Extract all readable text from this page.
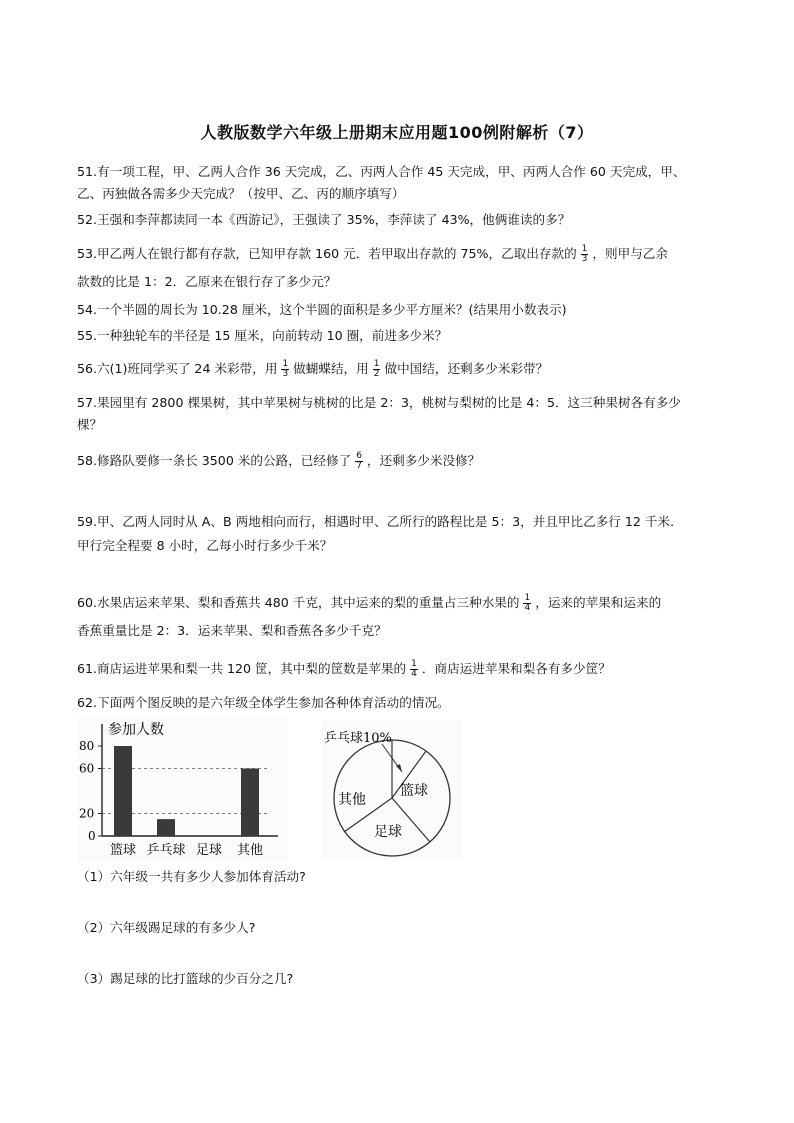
人教版数学六年级上册期末应用题100例附解析（7）
51.有一项工程，甲、乙两人合作 36 天完成，乙、丙两人合作 45 天完成，甲、丙两人合作 60 天完成，甲、
乙、丙独做各需多少天完成？（按甲、乙、丙的顺序填写）
52.王强和李萍都读同一本《西游记》，王强读了 35%，李萍读了 43%，他俩谁读的多？
53.甲乙两人在银行都有存款，已知甲存款 160 元．若甲取出存款的 75%，乙取出存款的 $\frac{1}{3}$ ，则甲与乙余
款数的比是 1：2．乙原来在银行存了多少元？
54.一个半圆的周长为 10.28 厘米，这个半圆的面积是多少平方厘米？(结果用小数表示)
55.一种独轮车的半径是 15 厘米，向前转动 10 圈，前进多少米？
56.六(1)班同学买了 24 米彩带，用 $\frac{1}{3}$ 做蝴蝶结，用 $\frac{1}{2}$ 做中国结，还剩多少米彩带？
57.果园里有 2800 棵果树，其中苹果树与桃树的比是 2：3，桃树与梨树的比是 4：5．这三种果树各有多少
棵？
58.修路队要修一条长 3500 米的公路，已经修了 $\frac{6}{7}$ ，还剩多少米没修？
59.甲、乙两人同时从 A、B 两地相向而行，相遇时甲、乙所行的路程比是 5：3，并且甲比乙多行 12 千米．
甲行完全程要 8 小时，乙每小时行多少千米？
60.水果店运来苹果、梨和香蕉共 480 千克，其中运来的梨的重量占三种水果的 $\frac{1}{4}$ ，运来的苹果和运来的
香蕉重量比是 2：3．运来苹果、梨和香蕉各多少千克？
61.商店运进苹果和梨一共 120 筐，其中梨的筐数是苹果的 $\frac{1}{4}$ ．商店运进苹果和梨各有多少筐？
62.下面两个图反映的是六年级全体学生参加各种体育活动的情况。
参加人数
0
20
60
80
篮球 乒乓球 足球 其他
乒乓球10%
篮球
足球
其他
（1）六年级一共有多少人参加体育活动?
（2）六年级踢足球的有多少人?
（3）踢足球的比打篮球的少百分之几?
